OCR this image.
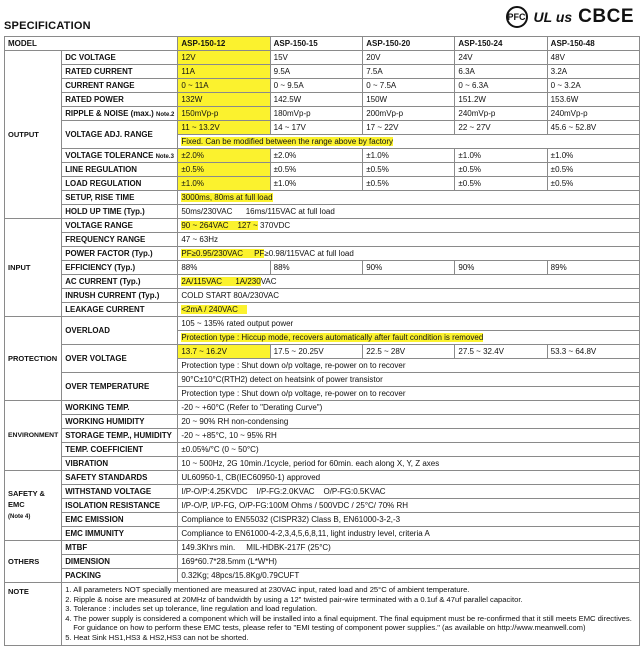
SPECIFICATION
PFC UL us CBCE
MODEL		ASP-150-12	ASP-150-15	ASP-150-20	ASP-150-24	ASP-150-48
OUTPUT	DC VOLTAGE	12V	15V	20V	24V	48V
	RATED CURRENT	11A	9.5A	7.5A	6.3A	3.2A
	CURRENT RANGE	0 ~ 11A	0 ~ 9.5A	0 ~ 7.5A	0 ~ 6.3A	0 ~ 3.2A
	RATED POWER	132W	142.5W	150W	151.2W	153.6W
	RIPPLE & NOISE (max.) Note.2	150mVp-p	180mVp-p	200mVp-p	240mVp-p	240mVp-p
	VOLTAGE ADJ. RANGE	11 ~ 13.2V	14 ~ 17V	17 ~ 22V	22 ~ 27V	45.6 ~ 52.8V
		Fixed. Can be modified between the range above by factory				
	VOLTAGE TOLERANCE Note.3	±2.0%	±2.0%	±1.0%	±1.0%	±1.0%
	LINE REGULATION	±0.5%	±0.5%	±0.5%	±0.5%	±0.5%
	LOAD REGULATION	±1.0%	±1.0%	±0.5%	±0.5%	±0.5%
	SETUP, RISE TIME	3000ms, 80ms at full load				
	HOLD UP TIME (Typ.)	50ms/230VAC 16ms/115VAC at full load				
INPUT	VOLTAGE RANGE	90 ~ 264VAC 127 ~ 370VDC				
	FREQUENCY RANGE	47 ~ 63Hz				
	POWER FACTOR (Typ.)	PF≥0.95/230VAC PF≥0.98/115VAC at full load				
	EFFICIENCY (Typ.)	88%	88%	90%	90%	89%
	AC CURRENT (Typ.)	2A/115VAC 1A/230VAC				
	INRUSH CURRENT (Typ.)	COLD START 80A/230VAC				
	LEAKAGE CURRENT	<2mA / 240VAC				
PROTECTION	OVERLOAD	105 ~ 135% rated output power				
		Protection type : Hiccup mode, recovers automatically after fault condition is removed				
	OVER VOLTAGE	13.7 ~ 16.2V	17.5 ~ 20.25V	22.5 ~ 28V	27.5 ~ 32.4V	53.3 ~ 64.8V
		Protection type : Shut down o/p voltage, re-power on to recover				
	OVER TEMPERATURE	90°C±10°C(RTH2) detect on heatsink of power transistor				
		Protection type : Shut down o/p voltage, re-power on to recover				
ENVIRONMENT	WORKING TEMP.	-20 ~ +60°C (Refer to "Derating Curve")				
	WORKING HUMIDITY	20 ~ 90% RH non-condensing				
	STORAGE TEMP., HUMIDITY	-20 ~ +85°C, 10 ~ 95% RH				
	TEMP. COEFFICIENT	±0.05%/°C (0 ~ 50°C)				
	VIBRATION	10 ~ 500Hz, 2G 10min./1cycle, period for 60min. each along X, Y, Z axes				
SAFETY &
EMC
(Note 4)	SAFETY STANDARDS	UL60950-1, CB(IEC60950-1) approved				
	WITHSTAND VOLTAGE	I/P-O/P:4.25KVDC    I/P-FG:2.0KVAC    O/P-FG:0.5KVAC				
	ISOLATION RESISTANCE	I/P-O/P, I/P-FG, O/P-FG:100M Ohms / 500VDC / 25°C/ 70% RH				
	EMC EMISSION	Compliance to EN55032 (CISPR32) Class B, EN61000-3-2,-3				
	EMC IMMUNITY	Compliance to EN61000-4-2,3,4,5,6,8,11, light industry level, criteria A				
OTHERS	MTBF	149.3Khrs min.     MIL-HDBK-217F (25°C)				
	DIMENSION	169*60.7*28.5mm (L*W*H)				
	PACKING	0.32Kg; 48pcs/15.8Kg/0.79CUFT				
NOTE	1. All parameters NOT specially mentioned are measured at 230VAC input, rated load and 25°C of ambient temperature.
2. Ripple & noise are measured at 20MHz of bandwidth by using a 12" twisted pair-wire terminated with a 0.1uf & 47uf parallel capacitor.
3. Tolerance : includes set up tolerance, line regulation and load regulation.
4. The power supply is considered a component which will be installed into a final equipment. The final equipment must be re-confirmed that it still meets EMC directives. For guidance on how to perform these EMC tests, please refer to "EMI testing of component power supplies." (as available on http://www.meanwell.com)
5. Heat Sink HS1,HS3 & HS2,HS3 can not be shorted.					
